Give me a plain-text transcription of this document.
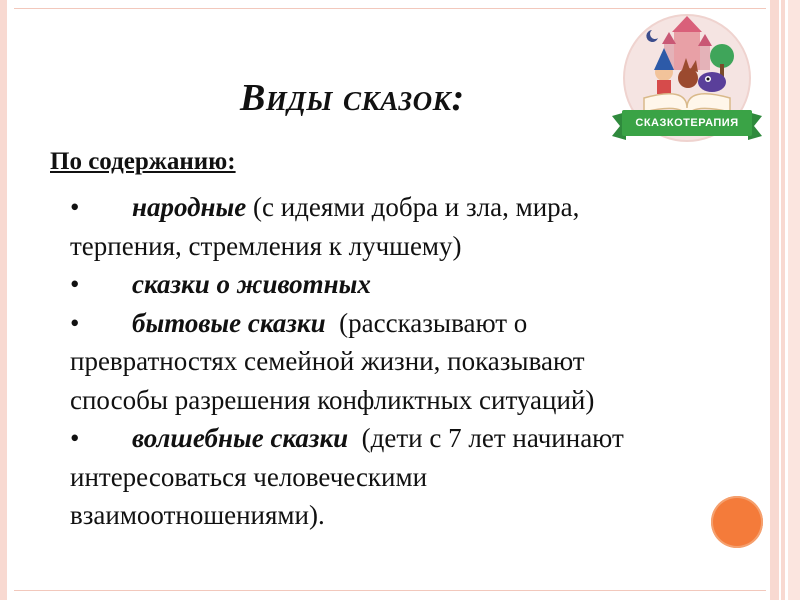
Виды сказок:
СКАЗКОТЕРАПИЯ
По содержанию:
• народные (с идеями добра и зла, мира,
терпения, стремления к лучшему)
• сказки о животных
• бытовые сказки  (рассказывают о
превратностях семейной жизни, показывают
способы разрешения конфликтных ситуаций)
• волшебные сказки  (дети с 7 лет начинают
интересоваться человеческими
взаимоотношениями).
